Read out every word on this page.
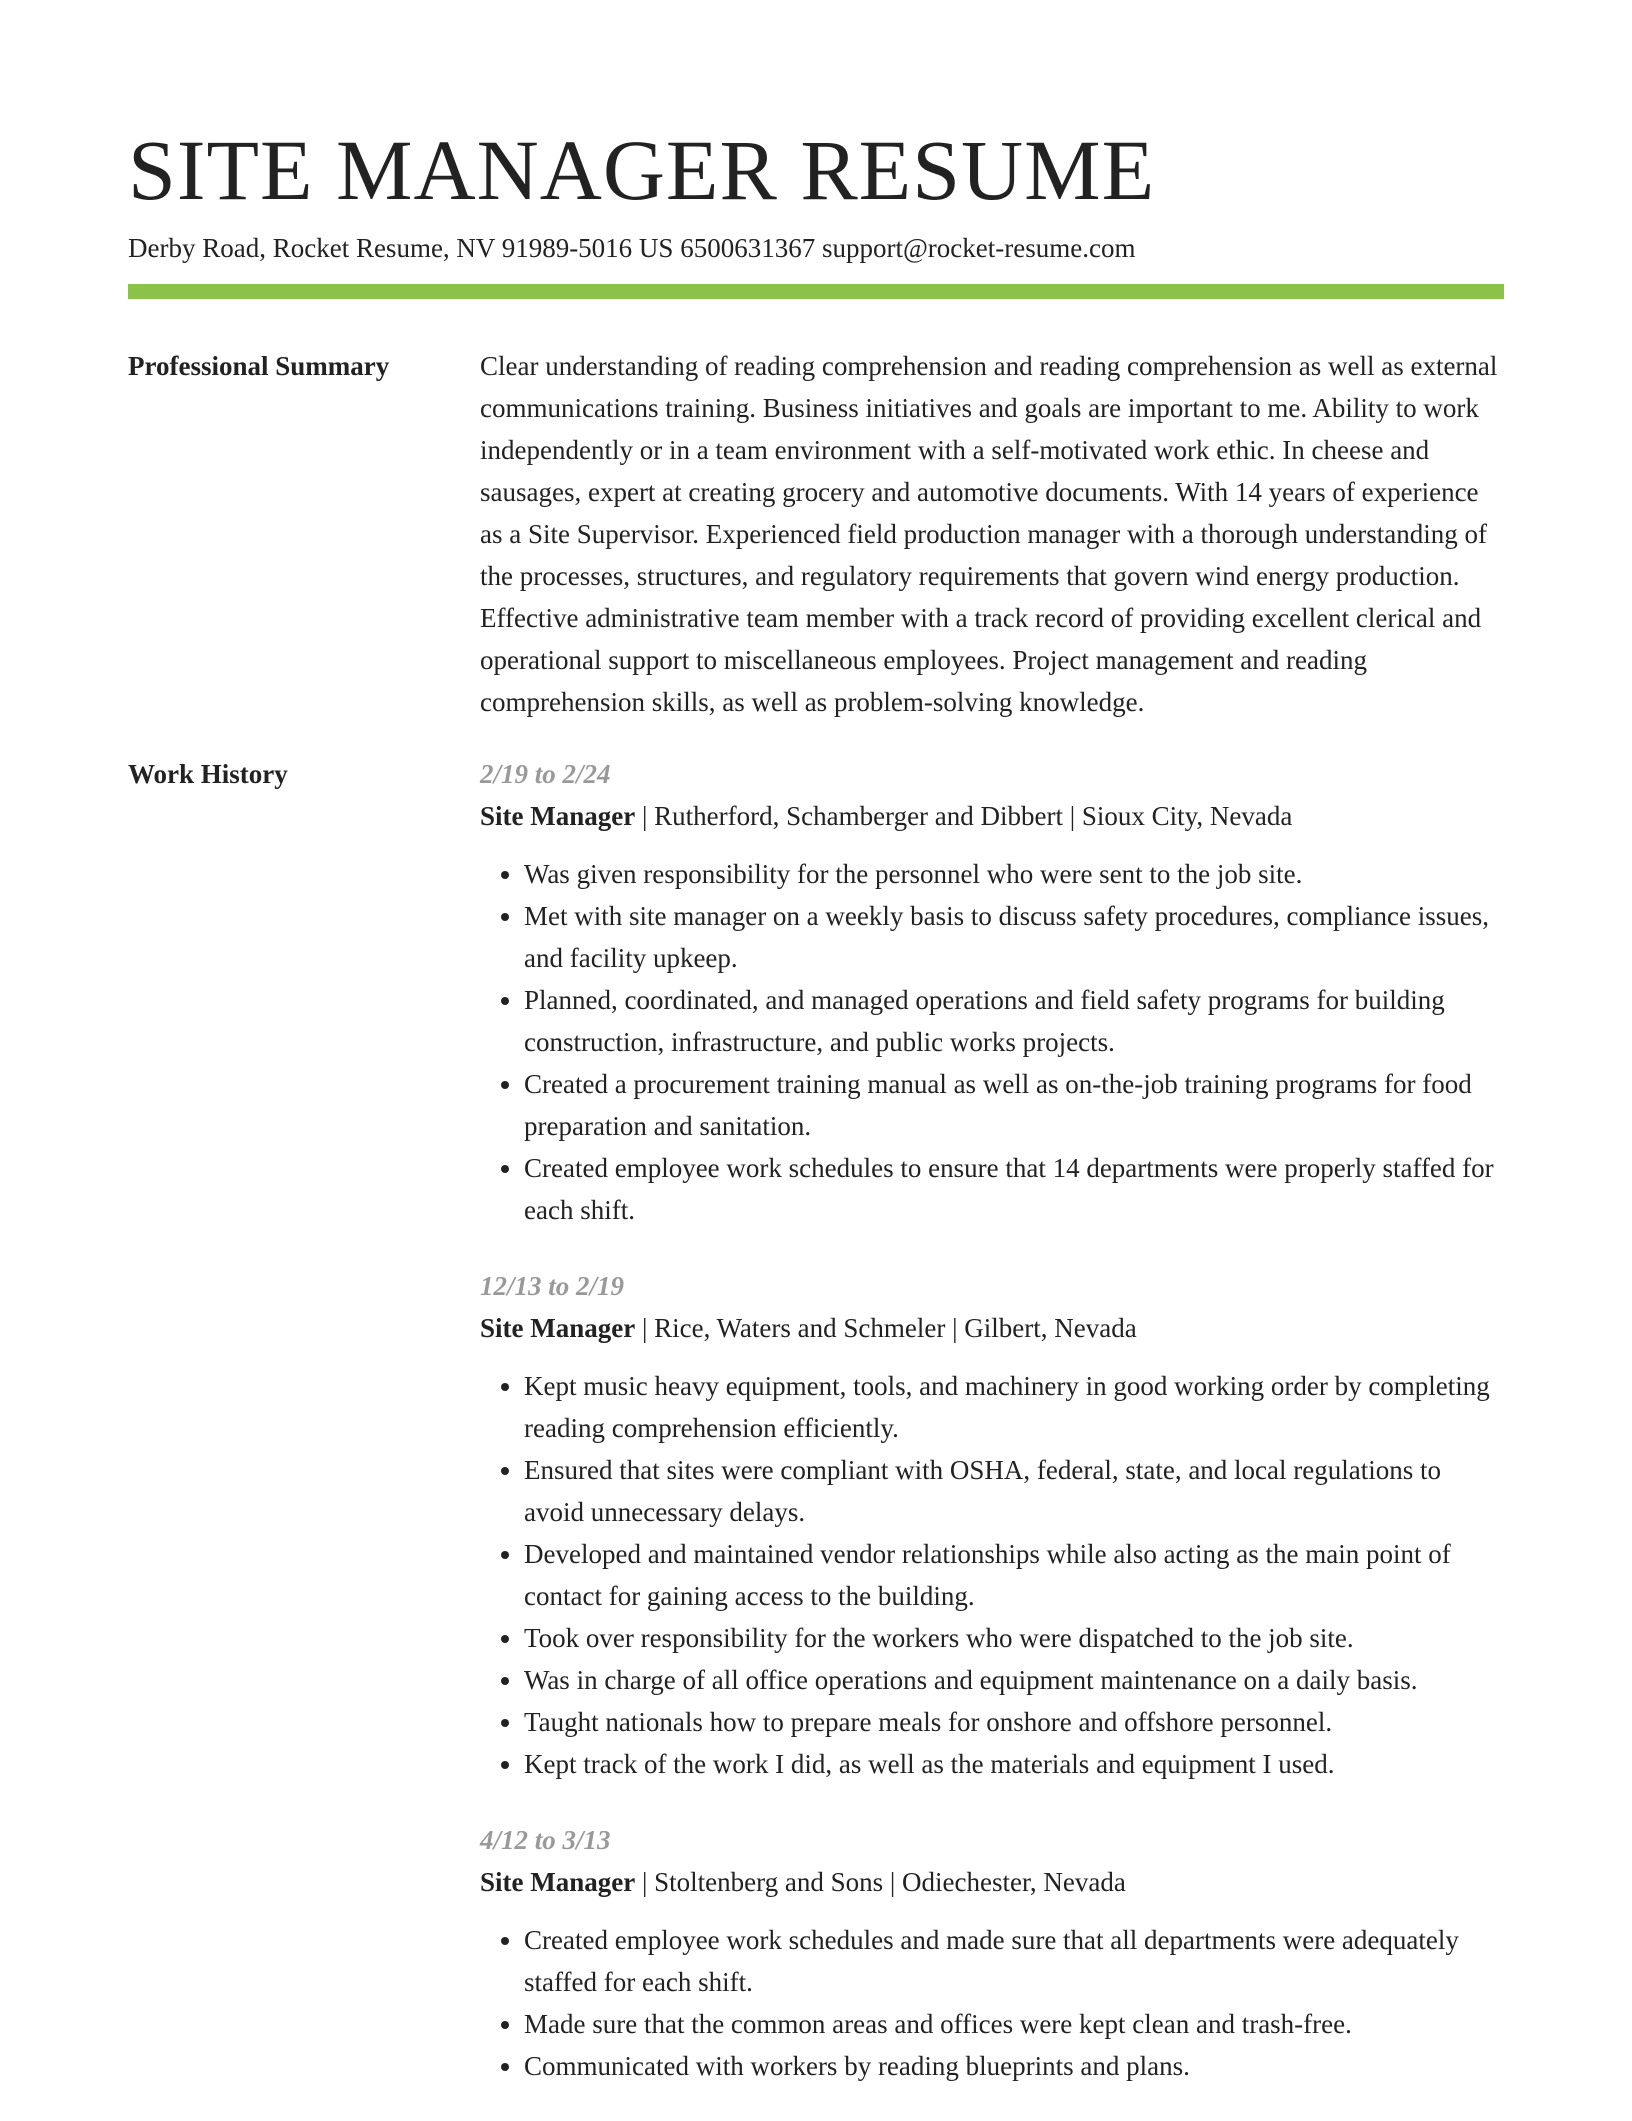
SITE MANAGER RESUME
Derby Road, Rocket Resume, NV 91989-5016 US 6500631367 support@rocket-resume.com
Professional Summary	Clear understanding of reading comprehension and reading comprehension as well as external communications training. Business initiatives and goals are important to me. Ability to work independently or in a team environment with a self-motivated work ethic. In cheese and sausages, expert at creating grocery and automotive documents. With 14 years of experience as a Site Supervisor. Experienced field production manager with a thorough understanding of the processes, structures, and regulatory requirements that govern wind energy production. Effective administrative team member with a track record of providing excellent clerical and operational support to miscellaneous employees. Project management and reading comprehension skills, as well as problem-solving knowledge.

Work History	2/19 to 2/24
Site Manager | Rutherford, Schamberger and Dibbert | Sioux City, Nevada
• Was given responsibility for the personnel who were sent to the job site.
• Met with site manager on a weekly basis to discuss safety procedures, compliance issues, and facility upkeep.
• Planned, coordinated, and managed operations and field safety programs for building construction, infrastructure, and public works projects.
• Created a procurement training manual as well as on-the-job training programs for food preparation and sanitation.
• Created employee work schedules to ensure that 14 departments were properly staffed for each shift.
12/13 to 2/19
Site Manager | Rice, Waters and Schmeler | Gilbert, Nevada
• Kept music heavy equipment, tools, and machinery in good working order by completing reading comprehension efficiently.
• Ensured that sites were compliant with OSHA, federal, state, and local regulations to avoid unnecessary delays.
• Developed and maintained vendor relationships while also acting as the main point of contact for gaining access to the building.
• Took over responsibility for the workers who were dispatched to the job site.
• Was in charge of all office operations and equipment maintenance on a daily basis.
• Taught nationals how to prepare meals for onshore and offshore personnel.
• Kept track of the work I did, as well as the materials and equipment I used.
4/12 to 3/13
Site Manager | Stoltenberg and Sons | Odiechester, Nevada
• Created employee work schedules and made sure that all departments were adequately staffed for each shift.
• Made sure that the common areas and offices were kept clean and trash-free.
• Communicated with workers by reading blueprints and plans.
